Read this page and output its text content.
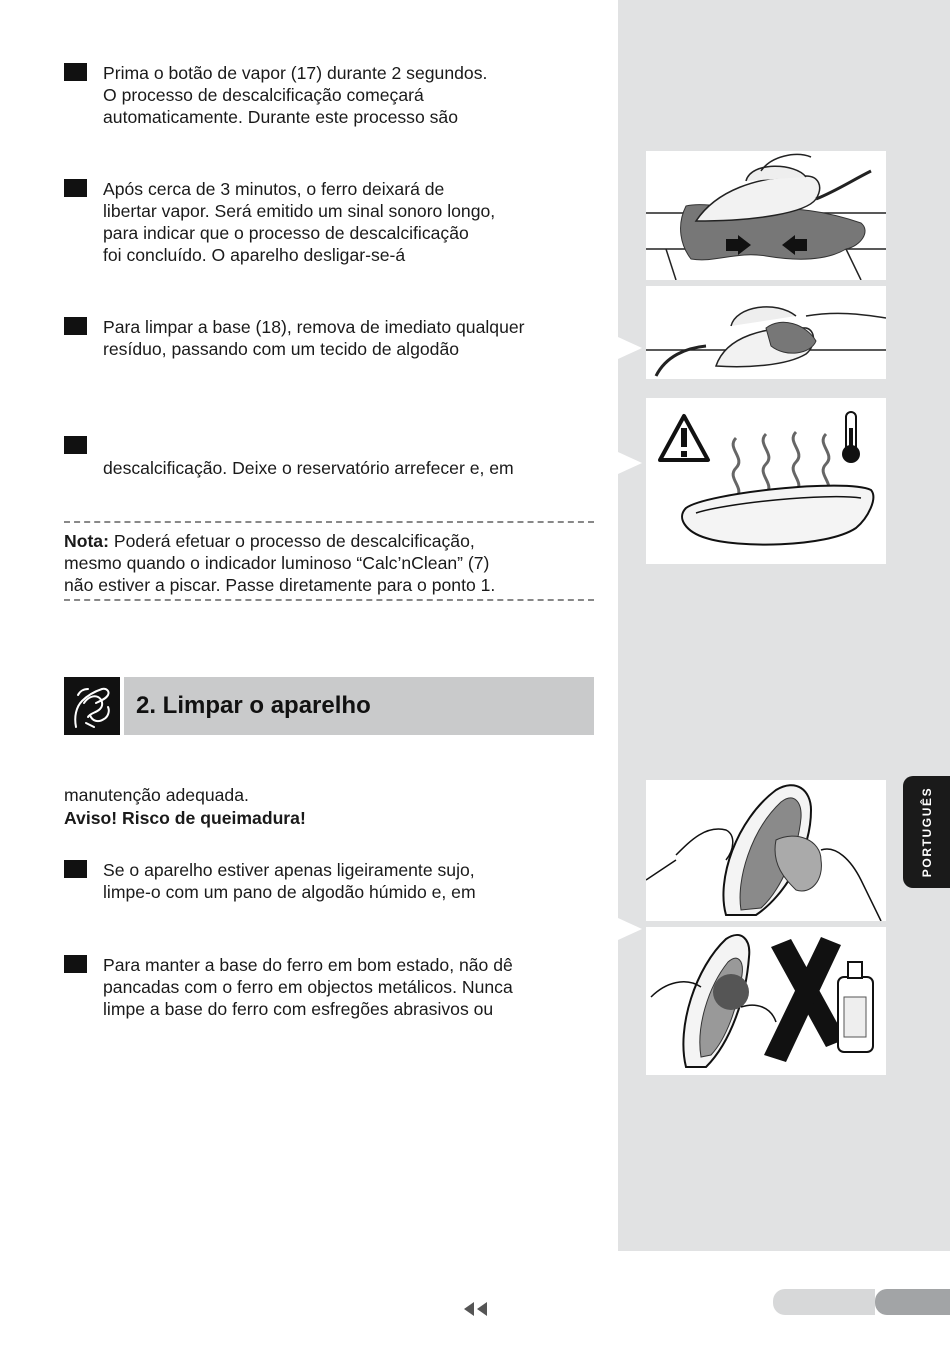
Prima o botão de vapor (17) durante 2 segundos.
O processo de descalcificação começará
automaticamente. Durante este processo são

Após cerca de 3 minutos, o ferro deixará de
libertar vapor. Será emitido um sinal sonoro longo,
para indicar que o processo de descalcificação
foi concluído. O aparelho desligar-se-á

Para limpar a base (18), remova de imediato qualquer
resíduo, passando com um tecido de algodão

descalcificação. Deixe o reservatório arrefecer e, em

Nota: Poderá efetuar o processo de descalcificação,
mesmo quando o indicador luminoso “Calc’nClean” (7)
não estiver a piscar. Passe diretamente para o ponto 1.

2. Limpar o aparelho

manutenção adequada.

Aviso! Risco de queimadura!

Se o aparelho estiver apenas ligeiramente sujo,
limpe-o com um pano de algodão húmido e, em

Para manter a base do ferro em bom estado, não dê
pancadas com o ferro em objectos metálicos. Nunca
limpe a base do ferro com esfregões abrasivos ou

PORTUGUÊS
